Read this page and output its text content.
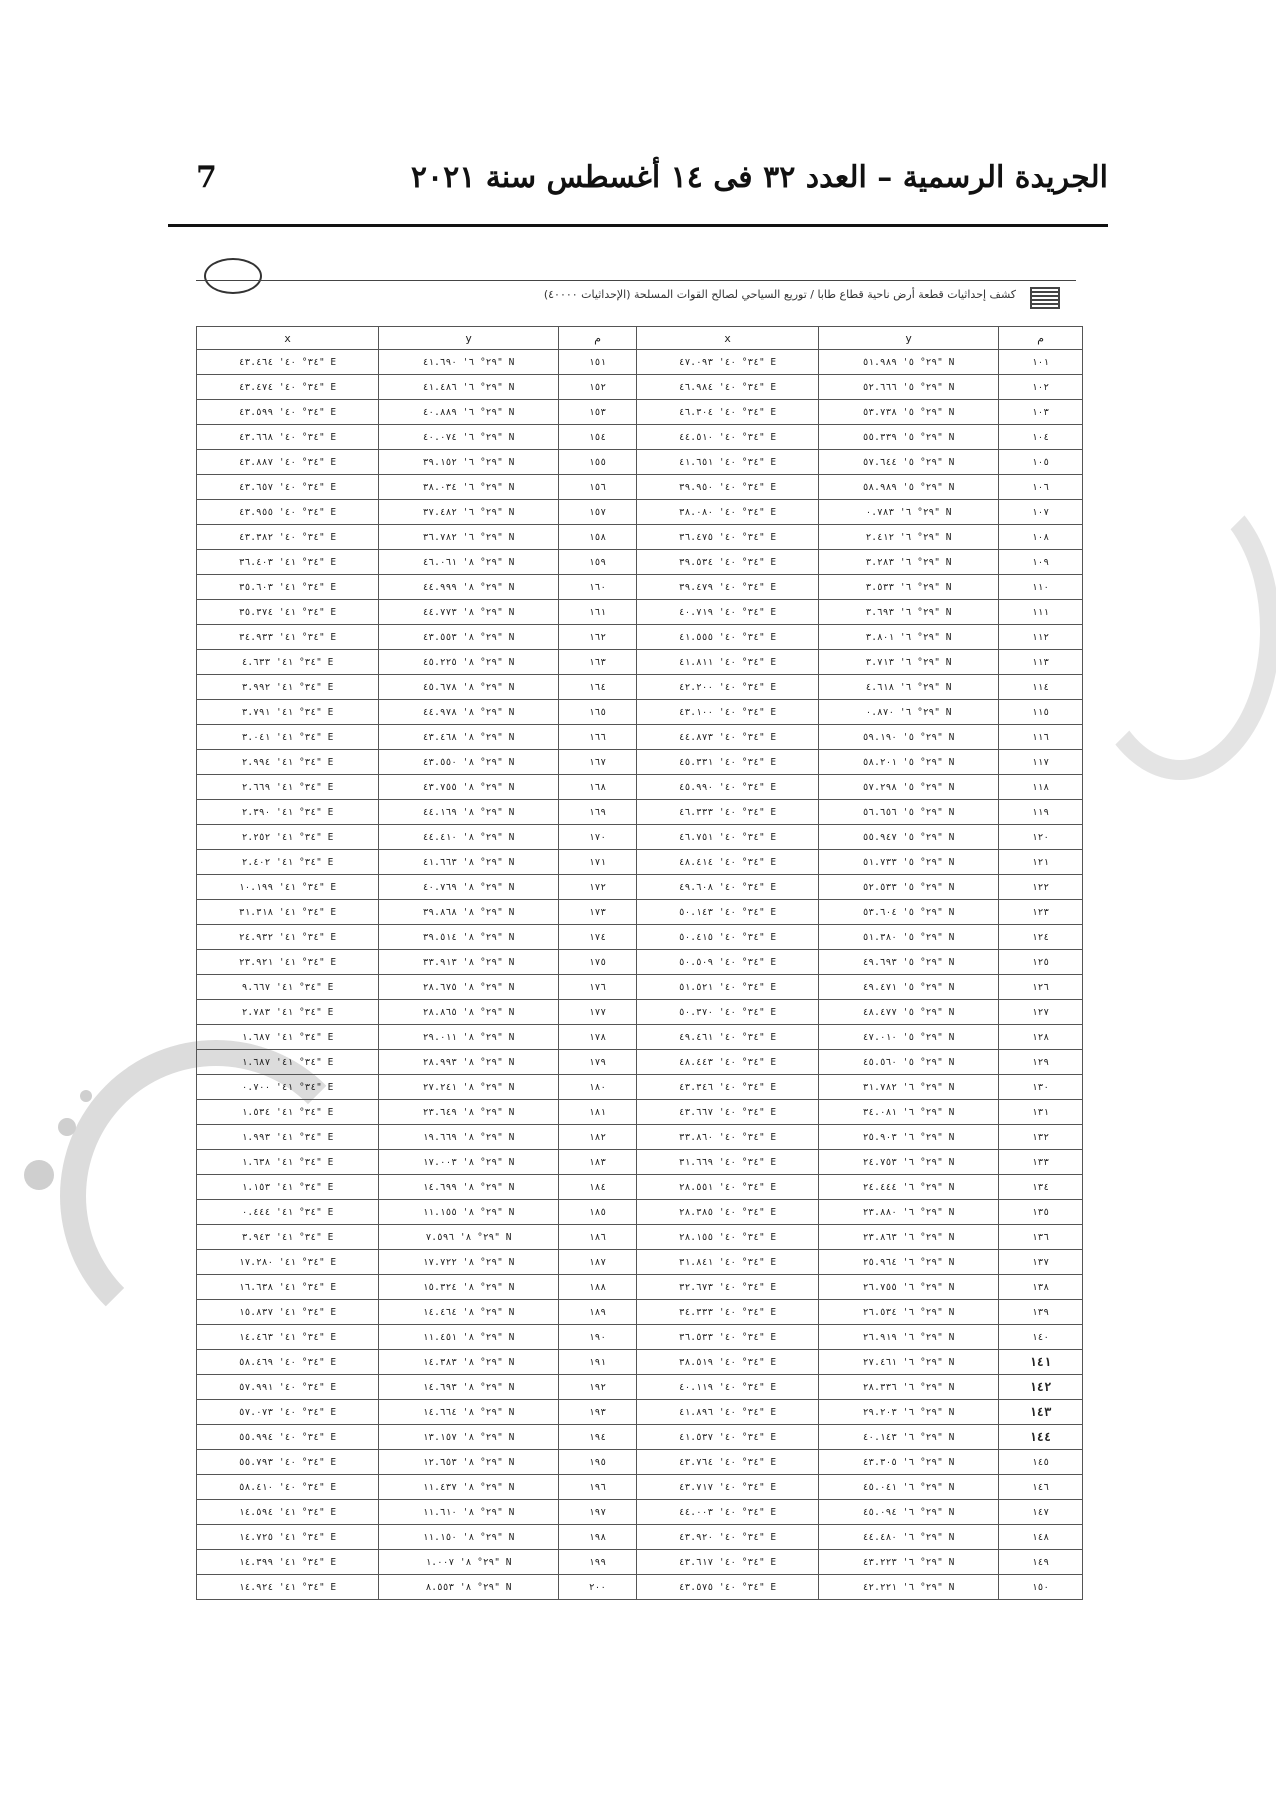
7	الجريدة الرسمية – العدد ٣٢ فى ١٤ أغسطس سنة ٢٠٢١
كشف إحداثيات قطعة أرض ناحية قطاع طابا / توريع السياحي لصالح القوات المسلحة (الإحداثيات ٤٠٠٠٠)
x	y	م	x	y	م
٣٤° ٤٠' ٤٣.٤٦٤" E	٢٩° ٦' ٤١.٦٩٠" N	١٥١	٣٤° ٤٠' ٤٧.٠٩٣" E	٢٩° ٥' ٥١.٩٨٩" N	١٠١
٣٤° ٤٠' ٤٣.٤٧٤" E	٢٩° ٦' ٤١.٤٨٦" N	١٥٢	٣٤° ٤٠' ٤٦.٩٨٤" E	٢٩° ٥' ٥٢.٦٦٦" N	١٠٢
٣٤° ٤٠' ٤٣.٥٩٩" E	٢٩° ٦' ٤٠.٨٨٩" N	١٥٣	٣٤° ٤٠' ٤٦.٣٠٤" E	٢٩° ٥' ٥٣.٧٣٨" N	١٠٣
٣٤° ٤٠' ٤٣.٦٦٨" E	٢٩° ٦' ٤٠.٠٧٤" N	١٥٤	٣٤° ٤٠' ٤٤.٥١٠" E	٢٩° ٥' ٥٥.٣٣٩" N	١٠٤
٣٤° ٤٠' ٤٣.٨٨٧" E	٢٩° ٦' ٣٩.١٥٢" N	١٥٥	٣٤° ٤٠' ٤١.٦٥١" E	٢٩° ٥' ٥٧.٦٤٤" N	١٠٥
٣٤° ٤٠' ٤٣.٦٥٧" E	٢٩° ٦' ٣٨.٠٣٤" N	١٥٦	٣٤° ٤٠' ٣٩.٩٥٠" E	٢٩° ٥' ٥٨.٩٨٩" N	١٠٦
٣٤° ٤٠' ٤٣.٩٥٥" E	٢٩° ٦' ٣٧.٤٨٢" N	١٥٧	٣٤° ٤٠' ٣٨.٠٨٠" E	٢٩° ٦' ٠.٧٨٣" N	١٠٧
٣٤° ٤٠' ٤٣.٣٨٢" E	٢٩° ٦' ٣٦.٧٨٢" N	١٥٨	٣٤° ٤٠' ٣٦.٤٧٥" E	٢٩° ٦' ٢.٤١٢" N	١٠٨
٣٤° ٤١' ٣٦.٤٠٣" E	٢٩° ٨' ٤٦.٠٦١" N	١٥٩	٣٤° ٤٠' ٣٩.٥٣٤" E	٢٩° ٦' ٣.٢٨٣" N	١٠٩
٣٤° ٤١' ٣٥.٦٠٣" E	٢٩° ٨' ٤٤.٩٩٩" N	١٦٠	٣٤° ٤٠' ٣٩.٤٧٩" E	٢٩° ٦' ٣.٥٣٣" N	١١٠
٣٤° ٤١' ٣٥.٣٧٤" E	٢٩° ٨' ٤٤.٧٧٣" N	١٦١	٣٤° ٤٠' ٤٠.٧١٩" E	٢٩° ٦' ٣.٦٩٣" N	١١١
٣٤° ٤١' ٣٤.٩٣٣" E	٢٩° ٨' ٤٣.٥٥٣" N	١٦٢	٣٤° ٤٠' ٤١.٥٥٥" E	٢٩° ٦' ٣.٨٠١" N	١١٢
٣٤° ٤١' ٤.٦٣٣" E	٢٩° ٨' ٤٥.٢٢٥" N	١٦٣	٣٤° ٤٠' ٤١.٨١١" E	٢٩° ٦' ٣.٧١٣" N	١١٣
٣٤° ٤١' ٣.٩٩٢" E	٢٩° ٨' ٤٥.٦٧٨" N	١٦٤	٣٤° ٤٠' ٤٢.٢٠٠" E	٢٩° ٦' ٤.٦١٨" N	١١٤
٣٤° ٤١' ٣.٧٩١" E	٢٩° ٨' ٤٤.٩٧٨" N	١٦٥	٣٤° ٤٠' ٤٣.١٠٠" E	٢٩° ٦' ٠.٨٧٠" N	١١٥
٣٤° ٤١' ٣.٠٤١" E	٢٩° ٨' ٤٣.٤٦٨" N	١٦٦	٣٤° ٤٠' ٤٤.٨٧٣" E	٢٩° ٥' ٥٩.١٩٠" N	١١٦
٣٤° ٤١' ٢.٩٩٤" E	٢٩° ٨' ٤٣.٥٥٠" N	١٦٧	٣٤° ٤٠' ٤٥.٣٣١" E	٢٩° ٥' ٥٨.٢٠١" N	١١٧
٣٤° ٤١' ٢.٦٦٩" E	٢٩° ٨' ٤٣.٧٥٥" N	١٦٨	٣٤° ٤٠' ٤٥.٩٩٠" E	٢٩° ٥' ٥٧.٢٩٨" N	١١٨
٣٤° ٤١' ٢.٣٩٠" E	٢٩° ٨' ٤٤.١٦٩" N	١٦٩	٣٤° ٤٠' ٤٦.٣٣٣" E	٢٩° ٥' ٥٦.٦٥٦" N	١١٩
٣٤° ٤١' ٢.٢٥٢" E	٢٩° ٨' ٤٤.٤١٠" N	١٧٠	٣٤° ٤٠' ٤٦.٧٥١" E	٢٩° ٥' ٥٥.٩٤٧" N	١٢٠
٣٤° ٤١' ٢.٤٠٢" E	٢٩° ٨' ٤١.٦٦٣" N	١٧١	٣٤° ٤٠' ٤٨.٤١٤" E	٢٩° ٥' ٥١.٧٣٣" N	١٢١
٣٤° ٤١' ١٠.١٩٩" E	٢٩° ٨' ٤٠.٧٦٩" N	١٧٢	٣٤° ٤٠' ٤٩.٦٠٨" E	٢٩° ٥' ٥٢.٥٣٣" N	١٢٢
٣٤° ٤١' ٣١.٣١٨" E	٢٩° ٨' ٣٩.٨٦٨" N	١٧٣	٣٤° ٤٠' ٥٠.١٤٣" E	٢٩° ٥' ٥٣.٦٠٤" N	١٢٣
٣٤° ٤١' ٢٤.٩٣٢" E	٢٩° ٨' ٣٩.٥١٤" N	١٧٤	٣٤° ٤٠' ٥٠.٤١٥" E	٢٩° ٥' ٥١.٣٨٠" N	١٢٤
٣٤° ٤١' ٢٣.٩٢١" E	٢٩° ٨' ٣٣.٩١٣" N	١٧٥	٣٤° ٤٠' ٥٠.٥٠٩" E	٢٩° ٥' ٤٩.٦٩٣" N	١٢٥
٣٤° ٤١' ٩.٦٦٧" E	٢٩° ٨' ٢٨.٦٧٥" N	١٧٦	٣٤° ٤٠' ٥١.٥٢١" E	٢٩° ٥' ٤٩.٤٧١" N	١٢٦
٣٤° ٤١' ٢.٧٨٣" E	٢٩° ٨' ٢٨.٨٦٥" N	١٧٧	٣٤° ٤٠' ٥٠.٣٧٠" E	٢٩° ٥' ٤٨.٤٧٧" N	١٢٧
٣٤° ٤١' ١.٦٨٧" E	٢٩° ٨' ٢٩.٠١١" N	١٧٨	٣٤° ٤٠' ٤٩.٤٦١" E	٢٩° ٥' ٤٧.٠١٠" N	١٢٨
٣٤° ٤١' ١.٦٨٧" E	٢٩° ٨' ٢٨.٩٩٣" N	١٧٩	٣٤° ٤٠' ٤٨.٤٤٣" E	٢٩° ٥' ٤٥.٥٦٠" N	١٢٩
٣٤° ٤١' ٠.٧٠٠" E	٢٩° ٨' ٢٧.٢٤١" N	١٨٠	٣٤° ٤٠' ٤٣.٣٤٦" E	٢٩° ٦' ٣١.٧٨٢" N	١٣٠
٣٤° ٤١' ١.٥٣٤" E	٢٩° ٨' ٢٣.٦٤٩" N	١٨١	٣٤° ٤٠' ٤٣.٦٦٧" E	٢٩° ٦' ٣٤.٠٨١" N	١٣١
٣٤° ٤١' ١.٩٩٣" E	٢٩° ٨' ١٩.٦٦٩" N	١٨٢	٣٤° ٤٠' ٣٣.٨٦٠" E	٢٩° ٦' ٢٥.٩٠٣" N	١٣٢
٣٤° ٤١' ١.٦٣٨" E	٢٩° ٨' ١٧.٠٠٣" N	١٨٣	٣٤° ٤٠' ٣١.٦٦٩" E	٢٩° ٦' ٢٤.٧٥٣" N	١٣٣
٣٤° ٤١' ١.١٥٣" E	٢٩° ٨' ١٤.٦٩٩" N	١٨٤	٣٤° ٤٠' ٢٨.٥٥١" E	٢٩° ٦' ٢٤.٤٤٤" N	١٣٤
٣٤° ٤١' ٠.٤٤٤" E	٢٩° ٨' ١١.١٥٥" N	١٨٥	٣٤° ٤٠' ٢٨.٣٨٥" E	٢٩° ٦' ٢٣.٨٨٠" N	١٣٥
٣٤° ٤١' ٣.٩٤٣" E	٢٩° ٨' ٧.٥٩٦" N	١٨٦	٣٤° ٤٠' ٢٨.١٥٥" E	٢٩° ٦' ٢٣.٨٦٣" N	١٣٦
٣٤° ٤١' ١٧.٢٨٠" E	٢٩° ٨' ١٧.٧٢٢" N	١٨٧	٣٤° ٤٠' ٣١.٨٤١" E	٢٩° ٦' ٢٥.٩٦٤" N	١٣٧
٣٤° ٤١' ١٦.٦٣٨" E	٢٩° ٨' ١٥.٣٢٤" N	١٨٨	٣٤° ٤٠' ٣٢.٦٧٣" E	٢٩° ٦' ٢٦.٧٥٥" N	١٣٨
٣٤° ٤١' ١٥.٨٣٧" E	٢٩° ٨' ١٤.٤٦٤" N	١٨٩	٣٤° ٤٠' ٣٤.٣٣٣" E	٢٩° ٦' ٢٦.٥٣٤" N	١٣٩
٣٤° ٤١' ١٤.٤٦٣" E	٢٩° ٨' ١١.٤٥١" N	١٩٠	٣٤° ٤٠' ٣٦.٥٣٣" E	٢٩° ٦' ٢٦.٩١٩" N	١٤٠
٣٤° ٤٠' ٥٨.٤٦٩" E	٢٩° ٨' ١٤.٣٨٣" N	١٩١	٣٤° ٤٠' ٣٨.٥١٩" E	٢٩° ٦' ٢٧.٤٦١" N	١٤١
٣٤° ٤٠' ٥٧.٩٩١" E	٢٩° ٨' ١٤.٦٩٣" N	١٩٢	٣٤° ٤٠' ٤٠.١١٩" E	٢٩° ٦' ٢٨.٣٣٦" N	١٤٢
٣٤° ٤٠' ٥٧.٠٧٣" E	٢٩° ٨' ١٤.٦٦٤" N	١٩٣	٣٤° ٤٠' ٤١.٨٩٦" E	٢٩° ٦' ٢٩.٢٠٣" N	١٤٣
٣٤° ٤٠' ٥٥.٩٩٤" E	٢٩° ٨' ١٣.١٥٧" N	١٩٤	٣٤° ٤٠' ٤١.٥٣٧" E	٢٩° ٦' ٤٠.١٤٣" N	١٤٤
٣٤° ٤٠' ٥٥.٧٩٣" E	٢٩° ٨' ١٢.٦٥٣" N	١٩٥	٣٤° ٤٠' ٤٣.٧٦٤" E	٢٩° ٦' ٤٣.٣٠٥" N	١٤٥
٣٤° ٤٠' ٥٨.٤١٠" E	٢٩° ٨' ١١.٤٣٧" N	١٩٦	٣٤° ٤٠' ٤٣.٧١٧" E	٢٩° ٦' ٤٥.٠٤١" N	١٤٦
٣٤° ٤١' ١٤.٥٩٤" E	٢٩° ٨' ١١.٦١٠" N	١٩٧	٣٤° ٤٠' ٤٤.٠٠٣" E	٢٩° ٦' ٤٥.٠٩٤" N	١٤٧
٣٤° ٤١' ١٤.٧٢٥" E	٢٩° ٨' ١١.١٥٠" N	١٩٨	٣٤° ٤٠' ٤٣.٩٢٠" E	٢٩° ٦' ٤٤.٤٨٠" N	١٤٨
٣٤° ٤١' ١٤.٣٩٩" E	٢٩° ٨' ١.٠٠٧" N	١٩٩	٣٤° ٤٠' ٤٣.٦١٧" E	٢٩° ٦' ٤٣.٢٢٣" N	١٤٩
٣٤° ٤١' ١٤.٩٢٤" E	٢٩° ٨' ٨.٥٥٣" N	٢٠٠	٣٤° ٤٠' ٤٣.٥٧٥" E	٢٩° ٦' ٤٢.٢٢١" N	١٥٠
